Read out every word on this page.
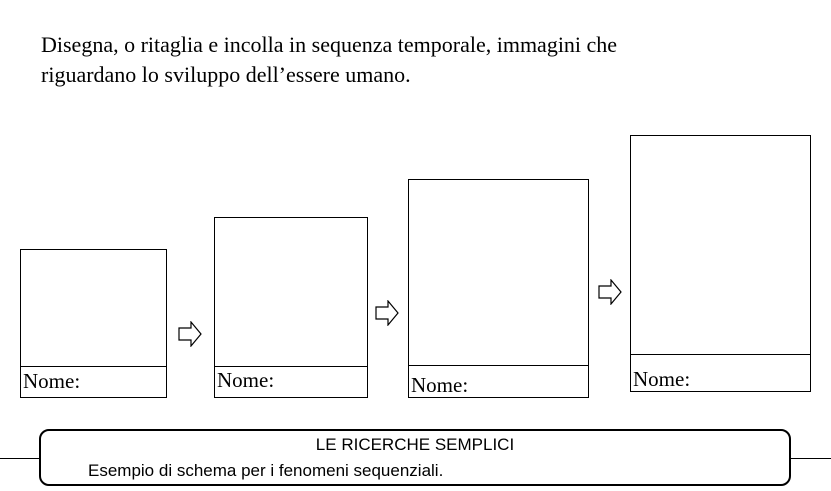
Disegna, o ritaglia e incolla in sequenza temporale, immagini che
riguardano lo sviluppo dell’essere umano.
Nome:	Nome:	Nome:	Nome:
LE RICERCHE SEMPLICI
Esempio di schema per i fenomeni sequenziali.
